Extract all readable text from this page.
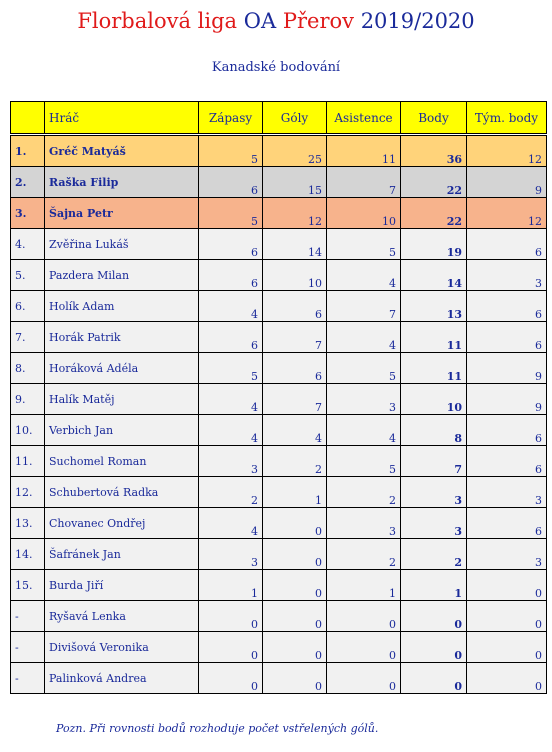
Florbalová liga OA Přerov 2019/2020
Kanadské bodování
	Hráč	Zápasy	Góly	Asistence	Body	Tým. body
1.	Gréč Matyáš	5	25	11	36	12
2.	Raška Filip	6	15	7	22	9
3.	Šajna Petr	5	12	10	22	12
4.	Zvěřina Lukáš	6	14	5	19	6
5.	Pazdera Milan	6	10	4	14	3
6.	Holík Adam	4	6	7	13	6
7.	Horák Patrik	6	7	4	11	6
8.	Horáková Adéla	5	6	5	11	9
9.	Halík Matěj	4	7	3	10	9
10.	Verbich Jan	4	4	4	8	6
11.	Suchomel Roman	3	2	5	7	6
12.	Schubertová Radka	2	1	2	3	3
13.	Chovanec Ondřej	4	0	3	3	6
14.	Šafránek Jan	3	0	2	2	3
15.	Burda Jiří	1	0	1	1	0
-	Ryšavá Lenka	0	0	0	0	0
-	Divišová Veronika	0	0	0	0	0
-	Palinková Andrea	0	0	0	0	0
Pozn. Při rovnosti bodů rozhoduje počet vstřelených gólů.
